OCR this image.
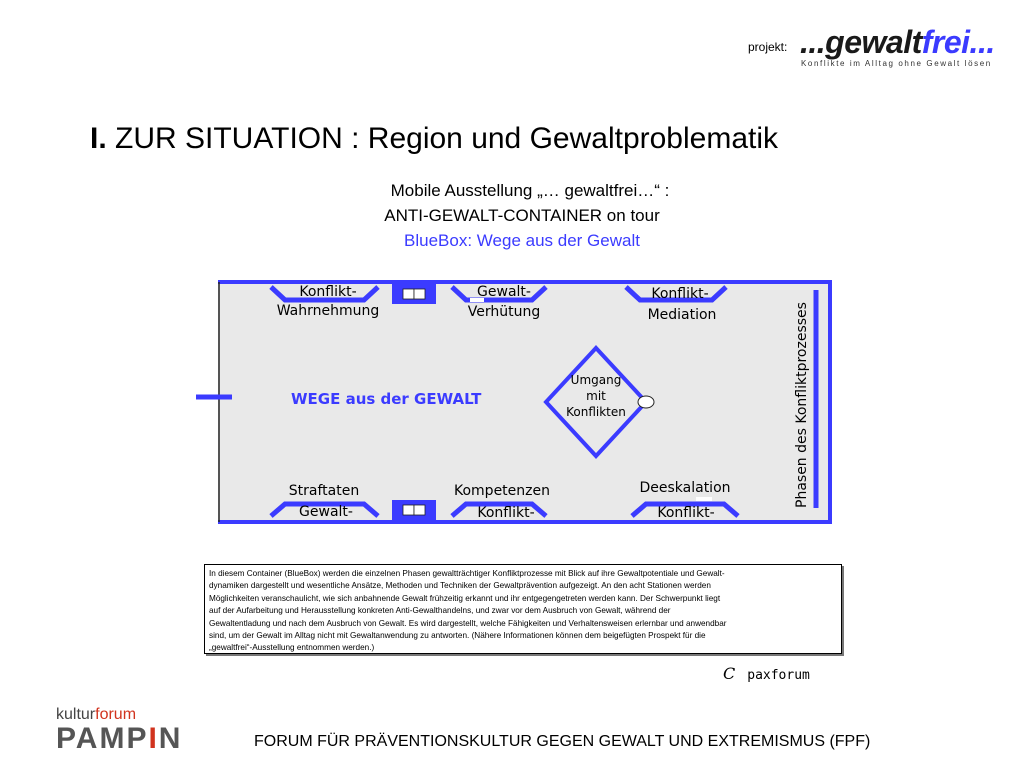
projekt: ...gewaltfrei...
Konflikte im Alltag ohne Gewalt lösen
I. ZUR SITUATION : Region und Gewaltproblematik
Mobile Ausstellung „… gewaltfrei…“ :
ANTI-GEWALT-CONTAINER on tour
BlueBox: Wege aus der Gewalt
Konflikt-
Wahrnehmung
Gewalt-
Verhütung
Konflikt-
Mediation
Straftaten
Gewalt-
Kompetenzen
Konflikt-
Deeskalation
Konflikt-
WEGE aus der GEWALT
Umgang
mit
Konflikten	Phasen des Konfliktprozesses
In diesem Container (BlueBox) werden die einzelnen Phasen gewaltträchtiger Konfliktprozesse mit Blick auf ihre Gewaltpotentiale und Gewalt-
dynamiken dargestellt und wesentliche Ansätze, Methoden und Techniken der Gewaltprävention aufgezeigt. An den acht Stationen werden
Möglichkeiten veranschaulicht, wie sich anbahnende Gewalt frühzeitig erkannt und ihr entgegengetreten werden kann. Der Schwerpunkt liegt
auf der Aufarbeitung und Herausstellung konkreten Anti-Gewalthandelns, und zwar vor dem Ausbruch von Gewalt, während der
Gewaltentladung und nach dem Ausbruch von Gewalt. Es wird dargestellt, welche Fähigkeiten und Verhaltensweisen erlernbar und anwendbar
sind, um der Gewalt im Alltag nicht mit Gewaltanwendung zu antworten. (Nähere Informationen können dem beigefügten Prospekt für die
„gewaltfrei“-Ausstellung entnommen werden.)
C paxforum
kulturforum
PAMPIN	FORUM FÜR PRÄVENTIONSKULTUR GEGEN GEWALT UND EXTREMISMUS (FPF)
